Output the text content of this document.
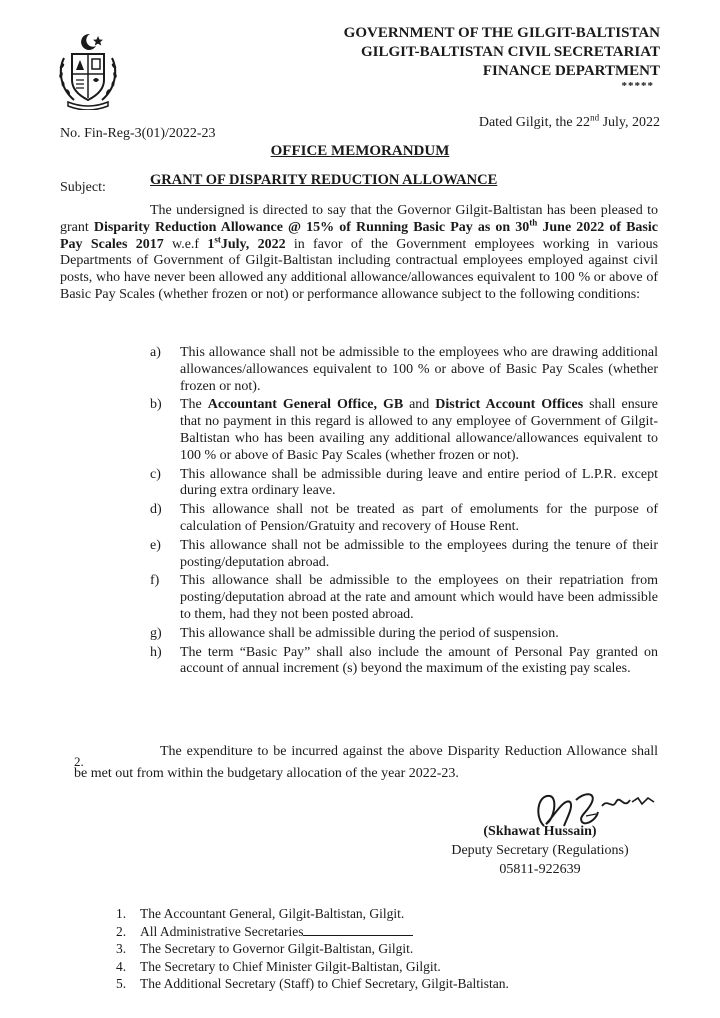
GOVERNMENT OF THE GILGIT-BALTISTAN
GILGIT-BALTISTAN CIVIL SECRETARIAT
FINANCE DEPARTMENT
*****
No. Fin-Reg-3(01)/2022-23
Dated Gilgit, the 22nd July, 2022
OFFICE MEMORANDUM
Subject:	GRANT OF DISPARITY REDUCTION ALLOWANCE

The undersigned is directed to say that the Governor Gilgit-Baltistan has been pleased to grant Disparity Reduction Allowance @ 15% of Running Basic Pay as on 30th June 2022 of Basic Pay Scales 2017 w.e.f 1stJuly, 2022 in favor of the Government employees working in various Departments of Government of Gilgit-Baltistan including contractual employees employed against civil posts, who have never been allowed any additional allowance/allowances equivalent to 100 % or above of Basic Pay Scales (whether frozen or not) or performance allowance subject to the following conditions:

a) This allowance shall not be admissible to the employees who are drawing additional allowances/allowances equivalent to 100 % or above of Basic Pay Scales (whether frozen or not).
b) The Accountant General Office, GB and District Account Offices shall ensure that no payment in this regard is allowed to any employee of Government of Gilgit-Baltistan who has been availing any additional allowance/allowances equivalent to 100 % or above of Basic Pay Scales (whether frozen or not).
c) This allowance shall be admissible during leave and entire period of L.P.R. except during extra ordinary leave.
d) This allowance shall not be treated as part of emoluments for the purpose of calculation of Pension/Gratuity and recovery of House Rent.
e) This allowance shall not be admissible to the employees during the tenure of their posting/deputation abroad.
f) This allowance shall be admissible to the employees on their repatriation from posting/deputation abroad at the rate and amount which would have been admissible to them, had they not been posted abroad.
g) This allowance shall be admissible during the period of suspension.
h) The term “Basic Pay” shall also include the amount of Personal Pay granted on account of annual increment (s) beyond the maximum of the existing pay scales.
2.

The expenditure to be incurred against the above Disparity Reduction Allowance shall be met out from within the budgetary allocation of the year 2022-23.

(Skhawat Hussain)
Deputy Secretary (Regulations)
05811-922639
1. The Accountant General, Gilgit-Baltistan, Gilgit.
2. All Administrative Secretaries
3. The Secretary to Governor Gilgit-Baltistan, Gilgit.
4. The Secretary to Chief Minister Gilgit-Baltistan, Gilgit.
5. The Additional Secretary (Staff) to Chief Secretary, Gilgit-Baltistan.
